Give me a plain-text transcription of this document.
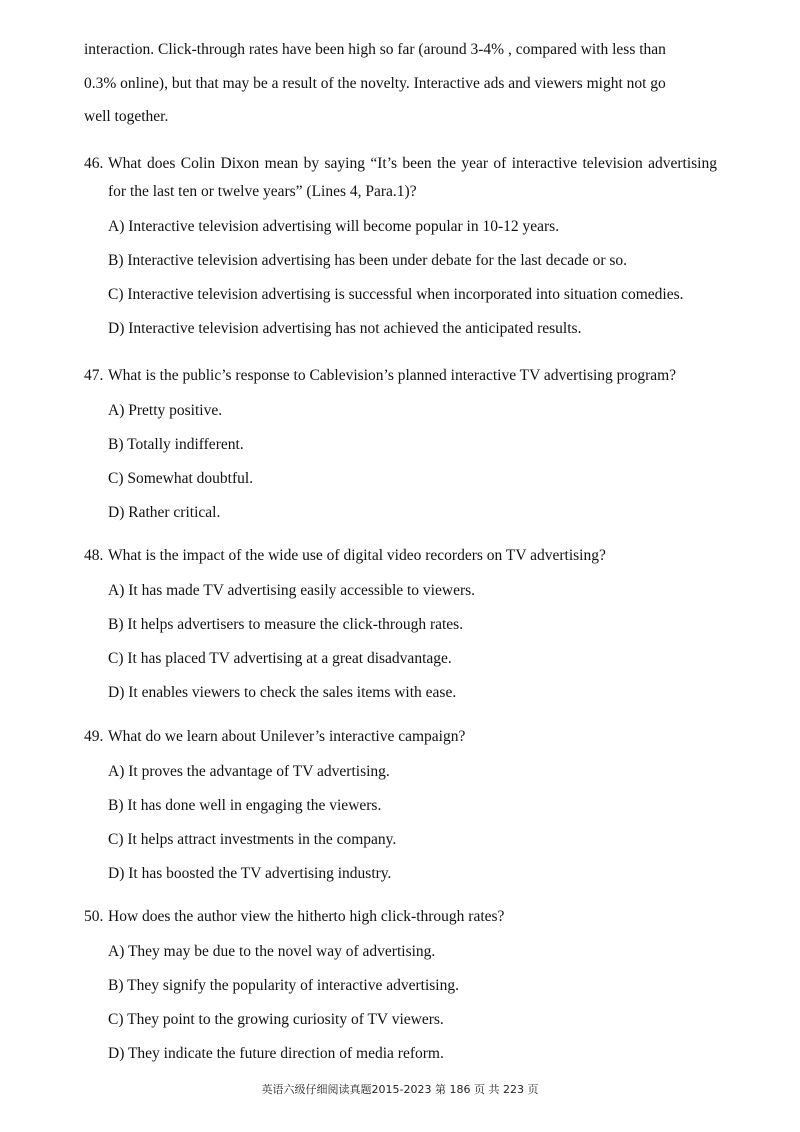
interaction. Click-through rates have been high so far (around 3-4% , compared with less than
0.3% online), but that may be a result of the novelty. Interactive ads and viewers might not go
well together.
46. What does Colin Dixon mean by saying “It’s been the year of interactive television advertising for the last ten or twelve years” (Lines 4, Para.1)?
A) Interactive television advertising will become popular in 10-12 years.
B) Interactive television advertising has been under debate for the last decade or so.
C) Interactive television advertising is successful when incorporated into situation comedies.
D) Interactive television advertising has not achieved the anticipated results.
47. What is the public’s response to Cablevision’s planned interactive TV advertising program?
A) Pretty positive.
B) Totally indifferent.
C) Somewhat doubtful.
D) Rather critical.
48. What is the impact of the wide use of digital video recorders on TV advertising?
A) It has made TV advertising easily accessible to viewers.
B) It helps advertisers to measure the click-through rates.
C) It has placed TV advertising at a great disadvantage.
D) It enables viewers to check the sales items with ease.
49. What do we learn about Unilever’s interactive campaign?
A) It proves the advantage of TV advertising.
B) It has done well in engaging the viewers.
C) It helps attract investments in the company.
D) It has boosted the TV advertising industry.
50. How does the author view the hitherto high click-through rates?
A) They may be due to the novel way of advertising.
B) They signify the popularity of interactive advertising.
C) They point to the growing curiosity of TV viewers.
D) They indicate the future direction of media reform.
英语六级仔细阅读真题2015-2023 第 186 页 共 223 页
